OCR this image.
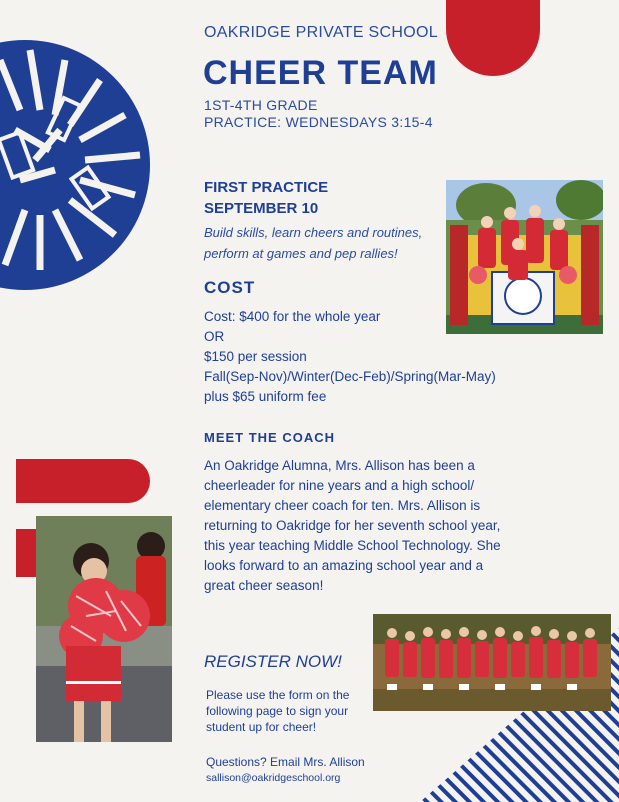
OAKRIDGE PRIVATE SCHOOL
CHEER TEAM
1ST-4TH GRADE
PRACTICE: WEDNESDAYS 3:15-4
FIRST PRACTICE
SEPTEMBER 10
Build skills, learn cheers and routines,
perform at games and pep rallies!
COST
Cost: $400 for the whole year
OR
$150 per session
Fall(Sep-Nov)/Winter(Dec-Feb)/Spring(Mar-May)
plus $65 uniform fee
MEET THE COACH
An Oakridge Alumna, Mrs. Allison has been a
cheerleader for nine years and a high school/
elementary cheer coach for ten. Mrs. Allison is
returning to Oakridge for her seventh school year,
this year teaching Middle School Technology. She
looks forward to an amazing school year and a
great cheer season!
REGISTER NOW!
Please use the form on the
following page to sign your
student up for cheer!
Questions? Email Mrs. Allison
sallison@oakridgeschool.org
